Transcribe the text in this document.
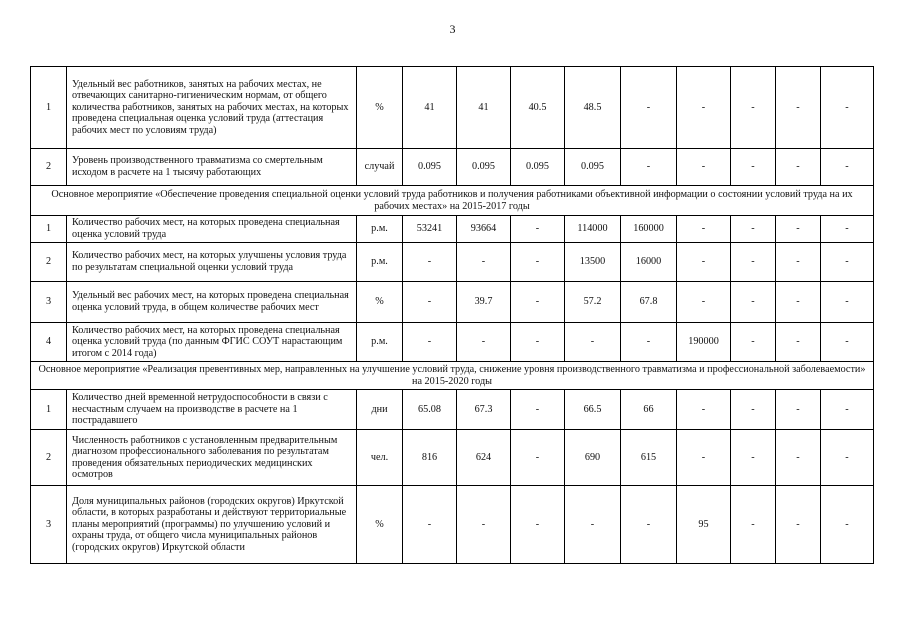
3
1	Удельный вес работников, занятых на рабочих местах, не отвечающих санитарно-гигиеническим нормам, от общего количества работников, занятых на рабочих местах, на которых проведена специальная оценка условий труда (аттестация рабочих мест по условиям труда)	%	41	41	40.5	48.5	-	-	-	-	-
2	Уровень производственного травматизма со смертельным исходом в расчете на 1 тысячу работающих	случай	0.095	0.095	0.095	0.095	-	-	-	-	-
Основное мероприятие «Обеспечение проведения специальной оценки условий труда работников и получения работниками объективной информации о состоянии условий труда на их рабочих местах» на 2015-2017 годы											
1	Количество рабочих мест, на которых проведена специальная оценка условий труда	р.м.	53241	93664	-	114000	160000	-	-	-	-
2	Количество рабочих мест, на которых улучшены условия труда по результатам специальной оценки условий труда	р.м.	-	-	-	13500	16000	-	-	-	-
3	Удельный вес рабочих мест, на которых проведена специальная оценка условий труда, в общем количестве рабочих мест	%	-	39.7	-	57.2	67.8	-	-	-	-
4	Количество рабочих мест, на которых проведена специальная оценка условий труда (по данным ФГИС СОУТ нарастающим итогом с 2014 года)	р.м.	-	-	-	-	-	190000	-	-	-
Основное мероприятие «Реализация превентивных мер, направленных на улучшение условий труда, снижение уровня производственного травматизма и профессиональной заболеваемости» на 2015-2020 годы											
1	Количество дней временной нетрудоспособности в связи с несчастным случаем на производстве в расчете на 1 пострадавшего	дни	65.08	67.3	-	66.5	66	-	-	-	-
2	Численность работников с установленным предварительным диагнозом профессионального заболевания по результатам проведения обязательных периодических медицинских осмотров	чел.	816	624	-	690	615	-	-	-	-
3	Доля муниципальных районов (городских округов) Иркутской области, в которых разработаны и действуют территориальные планы мероприятий (программы) по улучшению условий и охраны труда, от общего числа муниципальных районов (городских округов) Иркутской области	%	-	-	-	-	-	95	-	-	-
